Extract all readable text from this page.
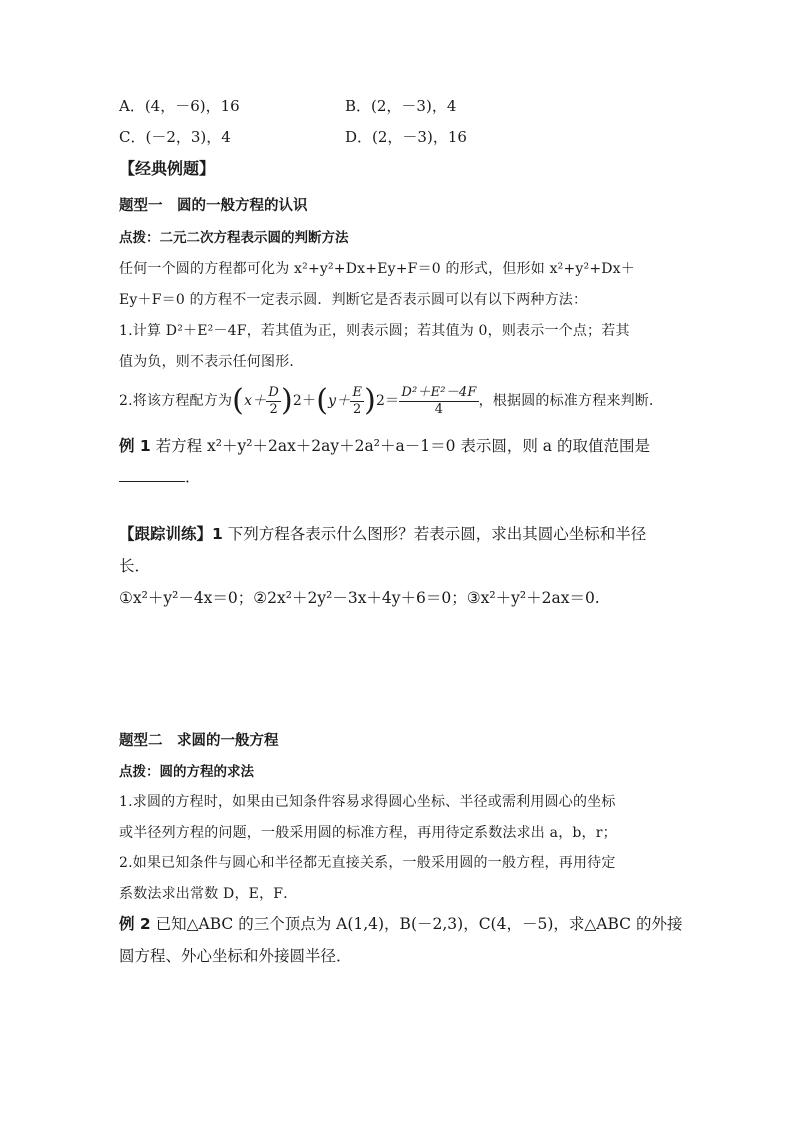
A．(4，－6)，16	B．(2，－3)，4
C．(－2，3)，4	D．(2，－3)，16
【经典例题】
题型一　圆的一般方程的认识
点拨：二元二次方程表示圆的判断方法
任何一个圆的方程都可化为 x²+y²+Dx+Ey+F＝0 的形式，但形如 x²+y²+Dx＋
Ey＋F＝0 的方程不一定表示圆．判断它是否表示圆可以有以下两种方法：
1.计算 D²＋E²－4F，若其值为正，则表示圆；若其值为 0，则表示一个点；若其
值为负，则不表示任何图形．
2.将该方程配方为 ( $x+ \frac{D}{2}$ ) 2＋ ( $y+ \frac{E}{2}$ ) $2= \frac{\text{D²＋E²－4F}}{4}$ ，根据圆的标准方程来判断．
例 1 若方程 x²＋y²＋2ax＋2ay＋2a²＋a－1＝0 表示圆，则 a 的取值范围是
．
【跟踪训练】1 下列方程各表示什么图形？若表示圆，求出其圆心坐标和半径
长．
①x²＋y²－4x＝0；②2x²＋2y²－3x＋4y＋6＝0；③x²＋y²＋2ax＝0.
题型二　求圆的一般方程
点拨：圆的方程的求法
1.求圆的方程时，如果由已知条件容易求得圆心坐标、半径或需利用圆心的坐标
或半径列方程的问题，一般采用圆的标准方程，再用待定系数法求出 a，b，r；
2.如果已知条件与圆心和半径都无直接关系，一般采用圆的一般方程，再用待定
系数法求出常数 D，E，F．
例 2 已知△ABC 的三个顶点为 A(1,4)，B(－2,3)，C(4，－5)，求△ABC 的外接
圆方程、外心坐标和外接圆半径．
